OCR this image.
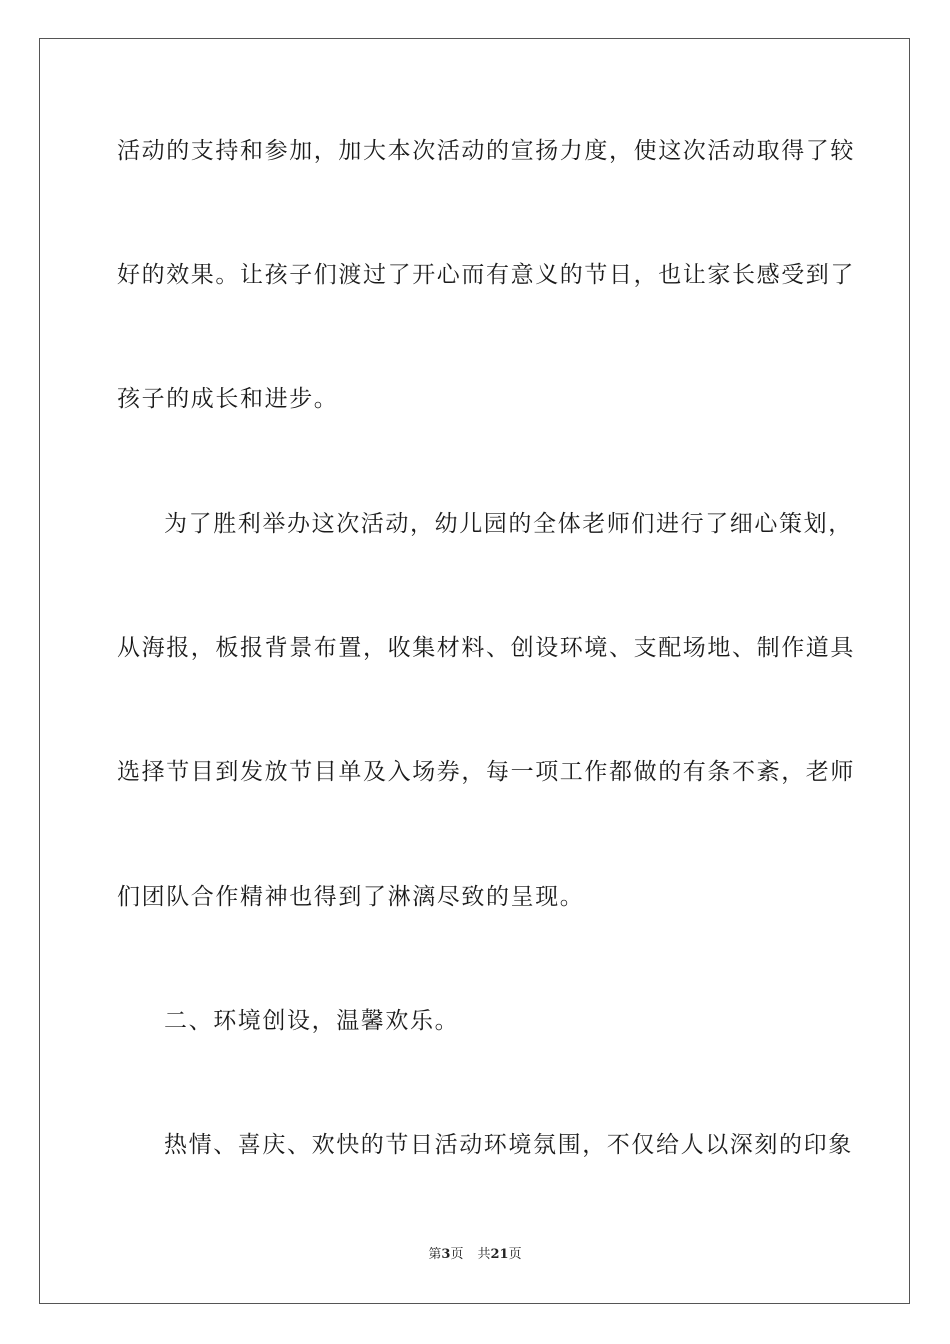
活动的支持和参加，加大本次活动的宣扬力度，使这次活动取得了较
好的效果。让孩子们渡过了开心而有意义的节日，也让家长感受到了
孩子的成长和进步。
为了胜利举办这次活动，幼儿园的全体老师们进行了细心策划，
从海报，板报背景布置，收集材料、创设环境、支配场地、制作道具
选择节目到发放节目单及入场券，每一项工作都做的有条不紊，老师
们团队合作精神也得到了淋漓尽致的呈现。
二、环境创设，温馨欢乐。
热情、喜庆、欢快的节日活动环境氛围，不仅给人以深刻的印象
第3页 共21页
